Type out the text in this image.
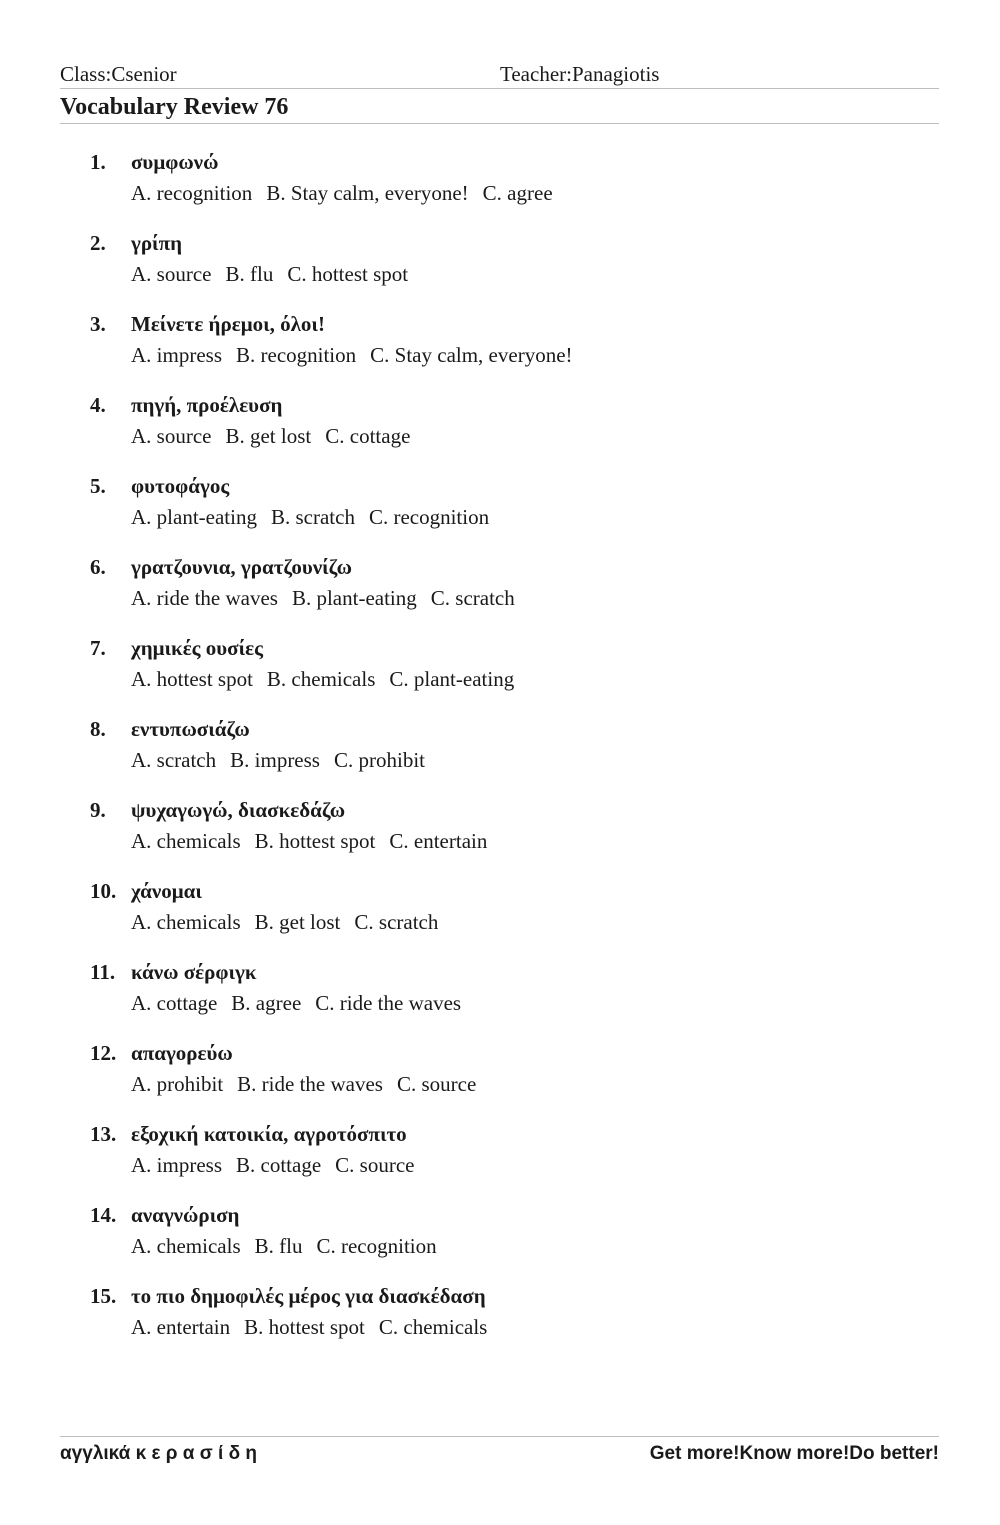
Class:Csenior	Teacher:Panagiotis
Vocabulary Review 76
1. συμφωνώ
A. recognition B. Stay calm, everyone! C. agree
2. γρίπη
A. source B. flu C. hottest spot
3. Μείνετε ήρεμοι, όλοι!
A. impress B. recognition C. Stay calm, everyone!
4. πηγή, προέλευση
A. source B. get lost C. cottage
5. φυτοφάγος
A. plant-eating B. scratch C. recognition
6. γρατζουνια, γρατζουνίζω
A. ride the waves B. plant-eating C. scratch
7. χημικές ουσίες
A. hottest spot B. chemicals C. plant-eating
8. εντυπωσιάζω
A. scratch B. impress C. prohibit
9. ψυχαγωγώ, διασκεδάζω
A. chemicals B. hottest spot C. entertain
10. χάνομαι
A. chemicals B. get lost C. scratch
11. κάνω σέρφιγκ
A. cottage B. agree C. ride the waves
12. απαγορεύω
A. prohibit B. ride the waves C. source
13. εξοχική κατοικία, αγροτόσπιτο
A. impress B. cottage C. source
14. αναγνώριση
A. chemicals B. flu C. recognition
15. το πιο δημοφιλές μέρος για διασκέδαση
A. entertain B. hottest spot C. chemicals
αγγλικά κ ε ρ α σ ί δ η	Get more!Know more!Do better!
